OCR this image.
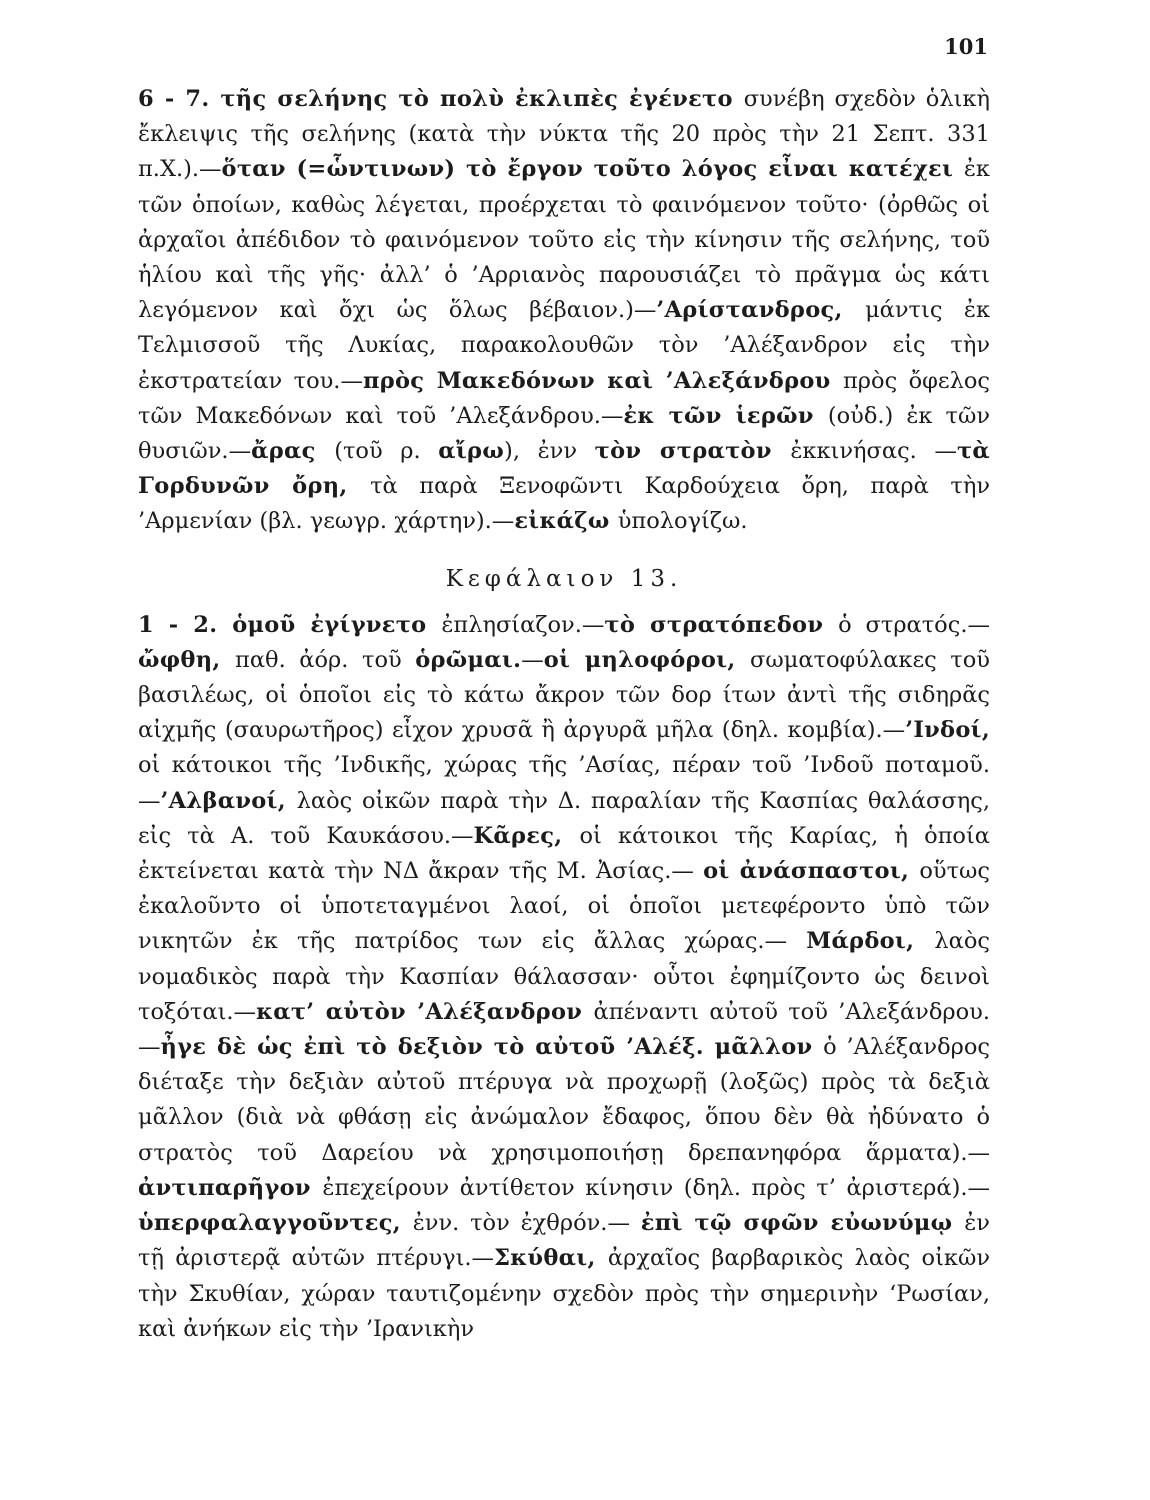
101

6 - 7. τῆς σελήνης τὸ πολὺ ἐκλιπὲς ἐγένετο συνέβη σχεδὸν ὁλικὴ ἔκλειψις τῆς σελήνης (κατὰ τὴν νύκτα τῆς 20 πρὸς τὴν 21 Σεπτ. 331 π.Χ.).—ὅταν (=ὧντινων) τὸ ἔργον τοῦτο λόγος εἶναι κατέχει ἐκ τῶν ὁποίων, καθὼς λέγεται, προέρχεται τὸ φαινόμενον τοῦτο· (ὀρθῶς οἱ ἀρχαῖοι ἀπέδιδον τὸ φαινόμενον τοῦτο εἰς τὴν κίνησιν τῆς σελήνης, τοῦ ἡλίου καὶ τῆς γῆς· ἀλλ’ ὁ ’Αρριανὸς παρουσιάζει τὸ πρᾶγμα ὡς κάτι λεγόμενον καὶ ὄχι ὡς ὅλως βέβαιον.)—’Αρίστανδρος, μάντις ἐκ Τελμισσοῦ τῆς Λυκίας, παρακολουθῶν τὸν ’Αλέξανδρον εἰς τὴν ἐκστρατείαν του.—πρὸς Μακεδόνων καὶ ’Αλεξάνδρου πρὸς ὄφελος τῶν Μακεδόνων καὶ τοῦ ’Αλεξάνδρου.—ἐκ τῶν ἱερῶν (οὐδ.) ἐκ τῶν θυσιῶν.—ἄρας (τοῦ ρ. αἴρω), ἐνν τὸν στρατὸν ἐκκινήσας. —τὰ Γορδυνῶν ὄρη, τὰ παρὰ Ξενοφῶντι Καρδούχεια ὄρη, παρὰ τὴν ’Αρμενίαν (βλ. γεωγρ. χάρτην).—εἰκάζω ὑπολογίζω.

Κεφάλαιον 13.

1 - 2. ὁμοῦ ἐγίγνετο ἐπλησίαζον.—τὸ στρατόπεδον ὁ στρατός.—ὤφθη, παθ. ἀόρ. τοῦ ὁρῶμαι.—οἱ μηλοφόροι, σωματοφύλακες τοῦ βασιλέως, οἱ ὁποῖοι εἰς τὸ κάτω ἄκρον τῶν δορ ίτων ἀντὶ τῆς σιδηρᾶς αἰχμῆς (σαυρωτῆρος) εἶχον χρυσᾶ ἢ ἀργυρᾶ μῆλα (δηλ. κομβία).—’Ινδοί, οἱ κάτοικοι τῆς ’Ινδικῆς, χώρας τῆς ’Ασίας, πέραν τοῦ ’Ινδοῦ ποταμοῦ.—’Αλβανοί, λαὸς οἰκῶν παρὰ τὴν Δ. παραλίαν τῆς Κασπίας θαλάσσης, εἰς τὰ Α. τοῦ Καυκάσου.—Κᾶρες, οἱ κάτοικοι τῆς Καρίας, ἡ ὁποία ἐκτείνεται κατὰ τὴν ΝΔ ἄκραν τῆς Μ. Ἀσίας.— οἱ ἀνάσπαστοι, οὕτως ἐκαλοῦντο οἱ ὑποτεταγμένοι λαοί, οἱ ὁποῖοι μετεφέροντο ὑπὸ τῶν νικητῶν ἐκ τῆς πατρίδος των εἰς ἄλλας χώρας.— Μάρδοι, λαὸς νομαδικὸς παρὰ τὴν Κασπίαν θάλασσαν· οὗτοι ἐφημίζοντο ὡς δεινοὶ τοξόται.—κατ’ αὐτὸν ’Αλέξανδρον ἀπέναντι αὐτοῦ τοῦ ’Αλεξάνδρου.—ἦγε δὲ ὡς ἐπὶ τὸ δεξιὸν τὸ αὐτοῦ ’Αλέξ. μᾶλλον ὁ ’Αλέξανδρος διέταξε τὴν δεξιὰν αὐτοῦ πτέρυγα νὰ προχωρῇ (λοξῶς) πρὸς τὰ δεξιὰ μᾶλλον (διὰ νὰ φθάσῃ εἰς ἀνώμαλον ἔδαφος, ὅπου δὲν θὰ ἠδύνατο ὁ στρατὸς τοῦ Δαρείου νὰ χρησιμοποιήσῃ δρεπανηφόρα ἅρματα).—ἀντιπαρῆγον ἐπεχείρουν ἀντίθετον κίνησιν (δηλ. πρὸς τ’ ἀριστερά).— ὑπερφαλαγγοῦντες, ἐνν. τὸν ἐχθρόν.— ἐπὶ τῷ σφῶν εὐωνύμῳ ἐν τῇ ἀριστερᾷ αὐτῶν πτέρυγι.—Σκύθαι, ἀρχαῖος βαρβαρικὸς λαὸς οἰκῶν τὴν Σκυθίαν, χώραν ταυτιζομένην σχεδὸν πρὸς τὴν σημερινὴν ‘Ρωσίαν, καὶ ἀνήκων εἰς τὴν ’Ιρανικὴν
